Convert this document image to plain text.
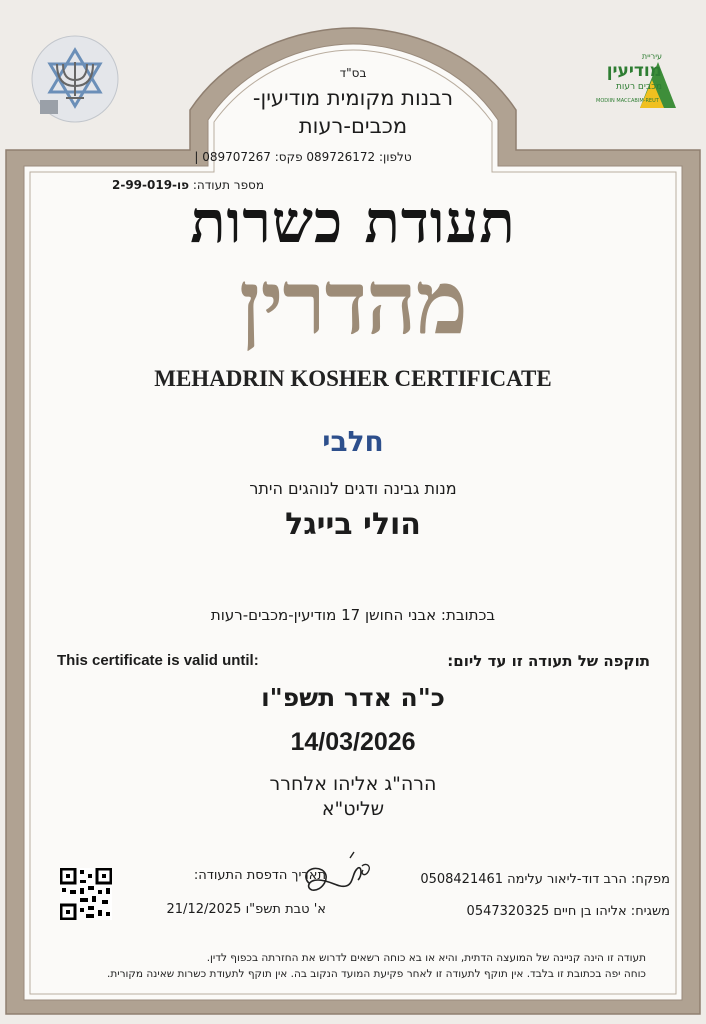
עיריית
מודיעין
מכבים רעות
MODIIN MACCABIM-REUT
בס"ד
רבנות מקומית מודיעין-
מכבים-רעות
טלפון: 089726172 פקס: 089707267 |
מספר תעודה: פו-2-99-019
תעודת כשרות
מהדרין
MEHADRIN KOSHER CERTIFICATE
חלבי
מנות גבינה ודגים לנוהגים היתר
הולי בייגל
בכתובת: אבני החושן 17 מודיעין-מכבים-רעות
This certificate is valid until:	תוקפה של תעודה זו עד ליום:
כ"ה אדר תשפ"ו
14/03/2026
הרה"ג אליהו אלחרר
שליט"א
תאריך הדפסת התעודה:
א' טבת תשפ"ו 21/12/2025
מפקח: הרב דוד-ליאור עלימה 0508421461
משגיח: אליהו בן חיים 0547320325
תעודה זו הינה קניינה של המועצה הדתית, והיא או בא כוחה רשאים לדרוש את החזרתה בכפוף לדין.
כוחה יפה בכתובת זו בלבד. אין תוקף לתעודה זו לאחר פקיעת המועד הנקוב בה. אין תוקף לתעודת כשרות שאינה מקורית.
